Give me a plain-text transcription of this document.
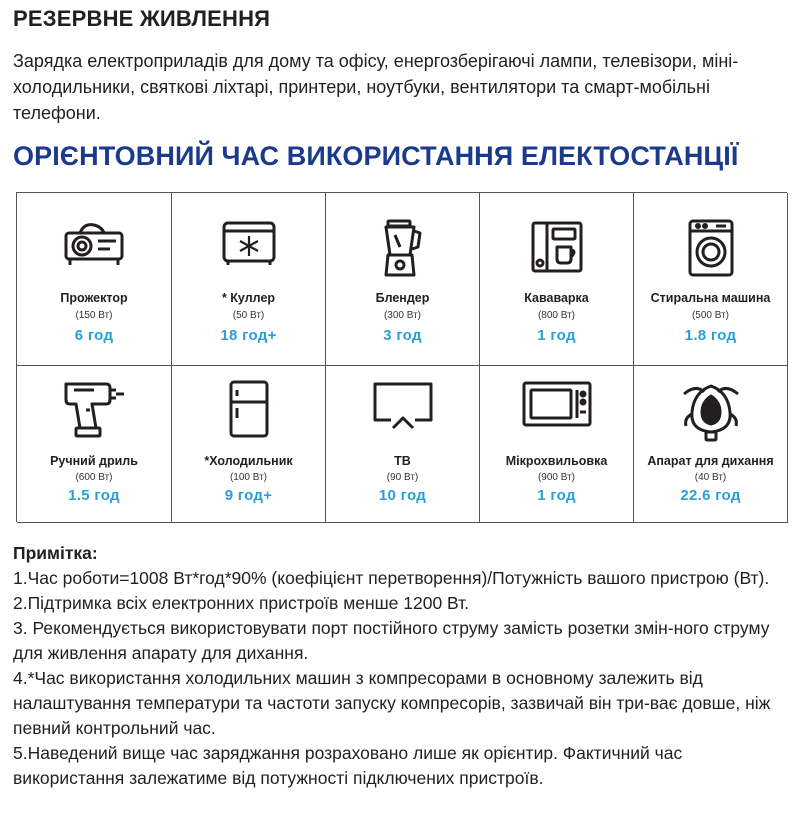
РЕЗЕРВНЕ ЖИВЛЕННЯ
Зарядка електроприладів для дому та офісу, енергозберігаючі лампи, телевізори, міні-холодильники, святкові ліхтарі, принтери, ноутбуки, вентилятори та смарт-мобільні телефони.
ОРІЄНТОВНИЙ ЧАС ВИКОРИСТАННЯ ЕЛЕКТОСТАНЦІЇ
Прожектор
(150 Вт)
6 год
* Куллер
(50 Вт)
18 год+
Блендер
(300 Вт)
3 год
Кававарка
(800 Вт)
1 год
Стиральна машина
(500 Вт)
1.8 год
Ручний дриль
(600 Вт)
1.5 год
*Холодильник
(100 Вт)
9 год+
ТВ
(90 Вт)
10 год
Мікрохвильовка
(900 Вт)
1 год
Апарат для дихання
(40 Вт)
22.6 год

Примітка:

1.Час роботи=1008 Вт*год*90% (коефіцієнт перетворення)/Потужність вашого пристрою (Вт).

2.Підтримка всіх електронних пристроїв менше 1200 Вт.

3. Рекомендується використовувати порт постійного струму замість розетки змін-ного струму для живлення апарату для дихання.

4.*Час використання холодильних машин з компресорами в основному залежить від налаштування температури та частоти запуску компресорів, зазвичай він три-ває довше, ніж певний контрольний час.

5.Наведений вище час заряджання розраховано лише як орієнтир. Фактичний час використання залежатиме від потужності підключених пристроїв.
